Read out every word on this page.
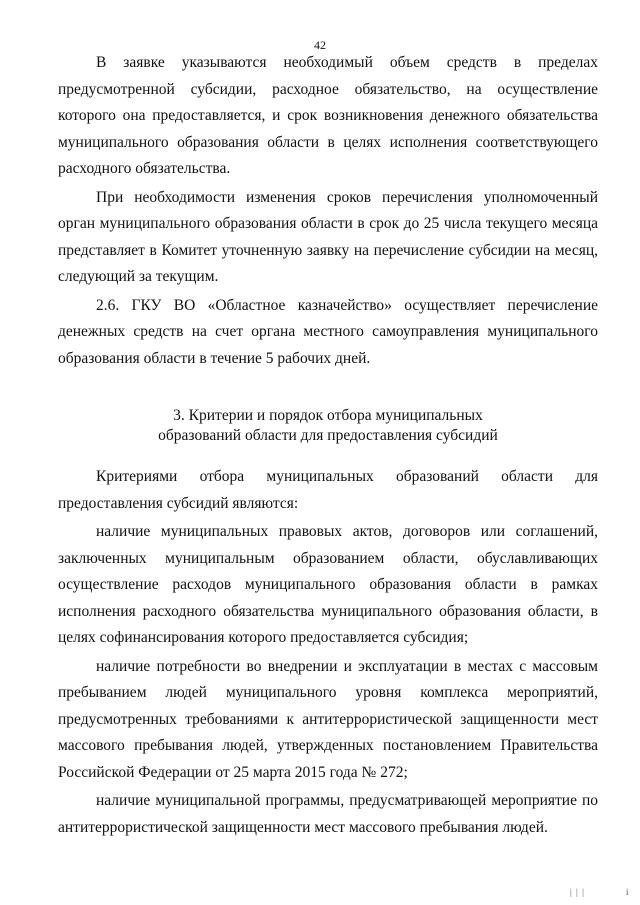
42

В заявке указываются необходимый объем средств в пределах предусмотренной субсидии, расходное обязательство, на осуществление которого она предоставляется, и срок возникновения денежного обязательства муниципального образования области в целях исполнения соответствующего расходного обязательства.

При необходимости изменения сроков перечисления уполномоченный орган муниципального образования области в срок до 25 числа текущего месяца представляет в Комитет уточненную заявку на перечисление субсидии на месяц, следующий за текущим.

2.6. ГКУ ВО «Областное казначейство» осуществляет перечисление денежных средств на счет органа местного самоуправления муниципального образования области в течение 5 рабочих дней.

3. Критерии и порядок отбора муниципальных
образований области для предоставления субсидий

Критериями отбора муниципальных образований области для предоставления субсидий являются:

наличие муниципальных правовых актов, договоров или соглашений, заключенных муниципальным образованием области, обуславливающих осуществление расходов муниципального образования области в рамках исполнения расходного обязательства муниципального образования области, в целях софинансирования которого предоставляется субсидия;

наличие потребности во внедрении и эксплуатации в местах с массовым пребыванием людей муниципального уровня комплекса мероприятий, предусмотренных требованиями к антитеррористической защищенности мест массового пребывания людей, утвержденных постановлением Правительства Российской Федерации от 25 марта 2015 года № 272;

наличие муниципальной программы, предусматривающей мероприятие по антитеррористической защищенности мест массового пребывания людей.

| | |	i
